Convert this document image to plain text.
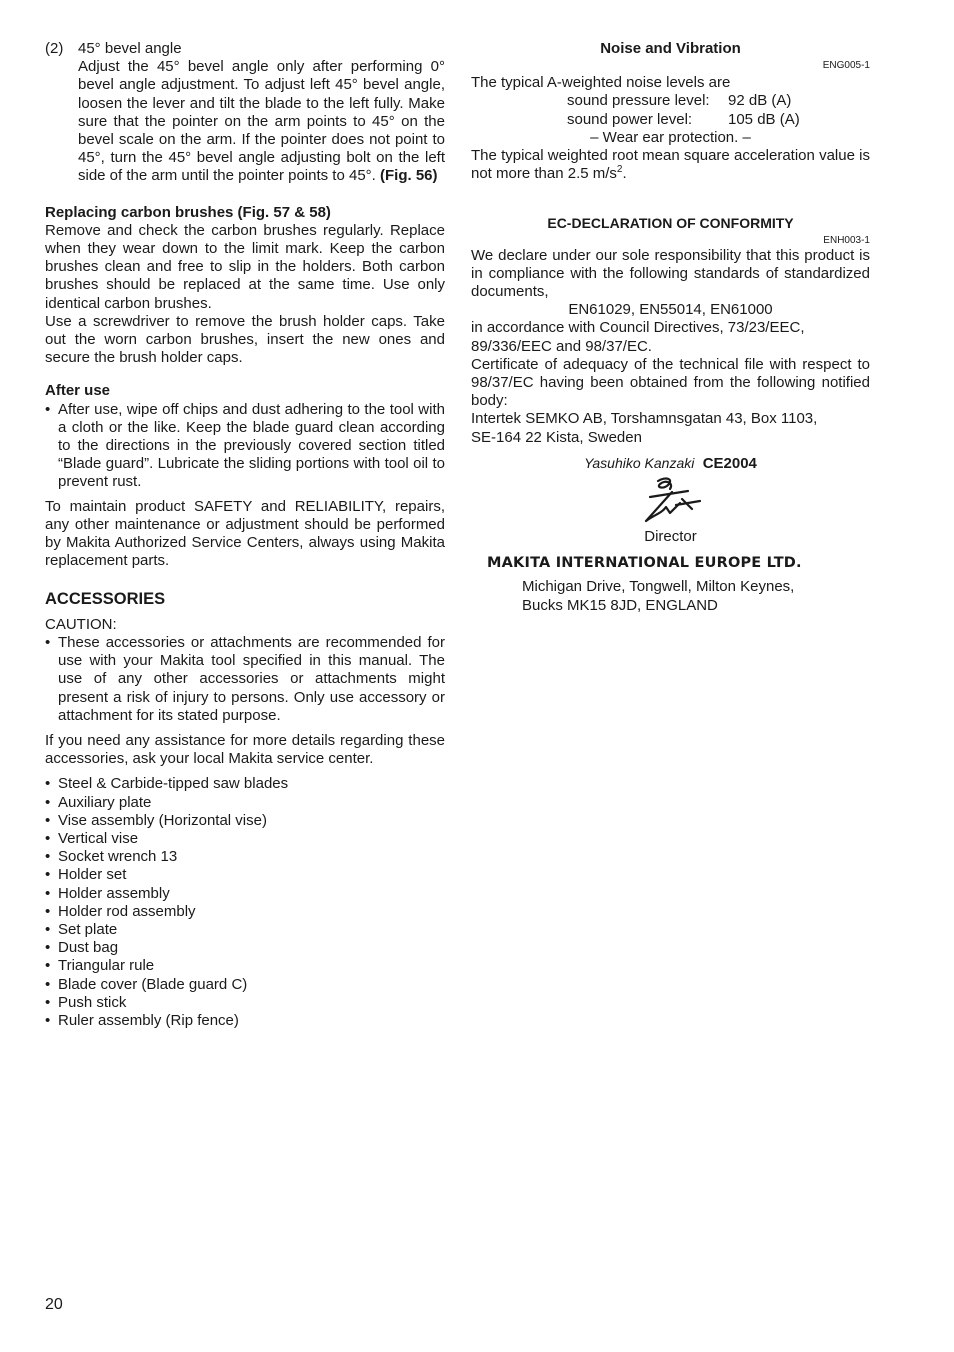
(2) 45° bevel angle

Adjust the 45° bevel angle only after performing 0° bevel angle adjustment. To adjust left 45° bevel angle, loosen the lever and tilt the blade to the left fully. Make sure that the pointer on the arm points to 45° on the bevel scale on the arm. If the pointer does not point to 45°, turn the 45° bevel angle adjusting bolt on the left side of the arm until the pointer points to 45°. (Fig. 56)

Replacing carbon brushes (Fig. 57 & 58)

Remove and check the carbon brushes regularly. Replace when they wear down to the limit mark. Keep the carbon brushes clean and free to slip in the holders. Both carbon brushes should be replaced at the same time. Use only identical carbon brushes.

Use a screwdriver to remove the brush holder caps. Take out the worn carbon brushes, insert the new ones and secure the brush holder caps.

After use

• After use, wipe off chips and dust adhering to the tool with a cloth or the like. Keep the blade guard clean according to the directions in the previously covered section titled “Blade guard”. Lubricate the sliding portions with tool oil to prevent rust.

To maintain product SAFETY and RELIABILITY, repairs, any other maintenance or adjustment should be performed by Makita Authorized Service Centers, always using Makita replacement parts.

ACCESSORIES

CAUTION:

• These accessories or attachments are recommended for use with your Makita tool specified in this manual. The use of any other accessories or attachments might present a risk of injury to persons. Only use accessory or attachment for its stated purpose.

If you need any assistance for more details regarding these accessories, ask your local Makita service center.

• Steel & Carbide-tipped saw blades
• Auxiliary plate
• Vise assembly (Horizontal vise)
• Vertical vise
• Socket wrench 13
• Holder set
• Holder assembly
• Holder rod assembly
• Set plate
• Dust bag
• Triangular rule
• Blade cover (Blade guard C)
• Push stick
• Ruler assembly (Rip fence)

Noise and Vibration

ENG005-1

The typical A-weighted noise levels are

sound pressure level:	92 dB (A)
sound power level:	105 dB (A)

– Wear ear protection. –

The typical weighted root mean square acceleration value is not more than 2.5 $m/s^2$.

EC-DECLARATION OF CONFORMITY

ENH003-1

We declare under our sole responsibility that this product is in compliance with the following standards of standardized documents,

EN61029, EN55014, EN61000

in accordance with Council Directives, 73/23/EEC,

89/336/EEC and 98/37/EC.

Certificate of adequacy of the technical file with respect to 98/37/EC having been obtained from the following notified body:

Intertek SEMKO AB, Torshamnsgatan 43, Box 1103,

SE-164 22 Kista, Sweden

Yasuhiko Kanzaki CE2004

Director

MAKITA INTERNATIONAL EUROPE LTD.

Michigan Drive, Tongwell, Milton Keynes,

Bucks MK15 8JD, ENGLAND

20
